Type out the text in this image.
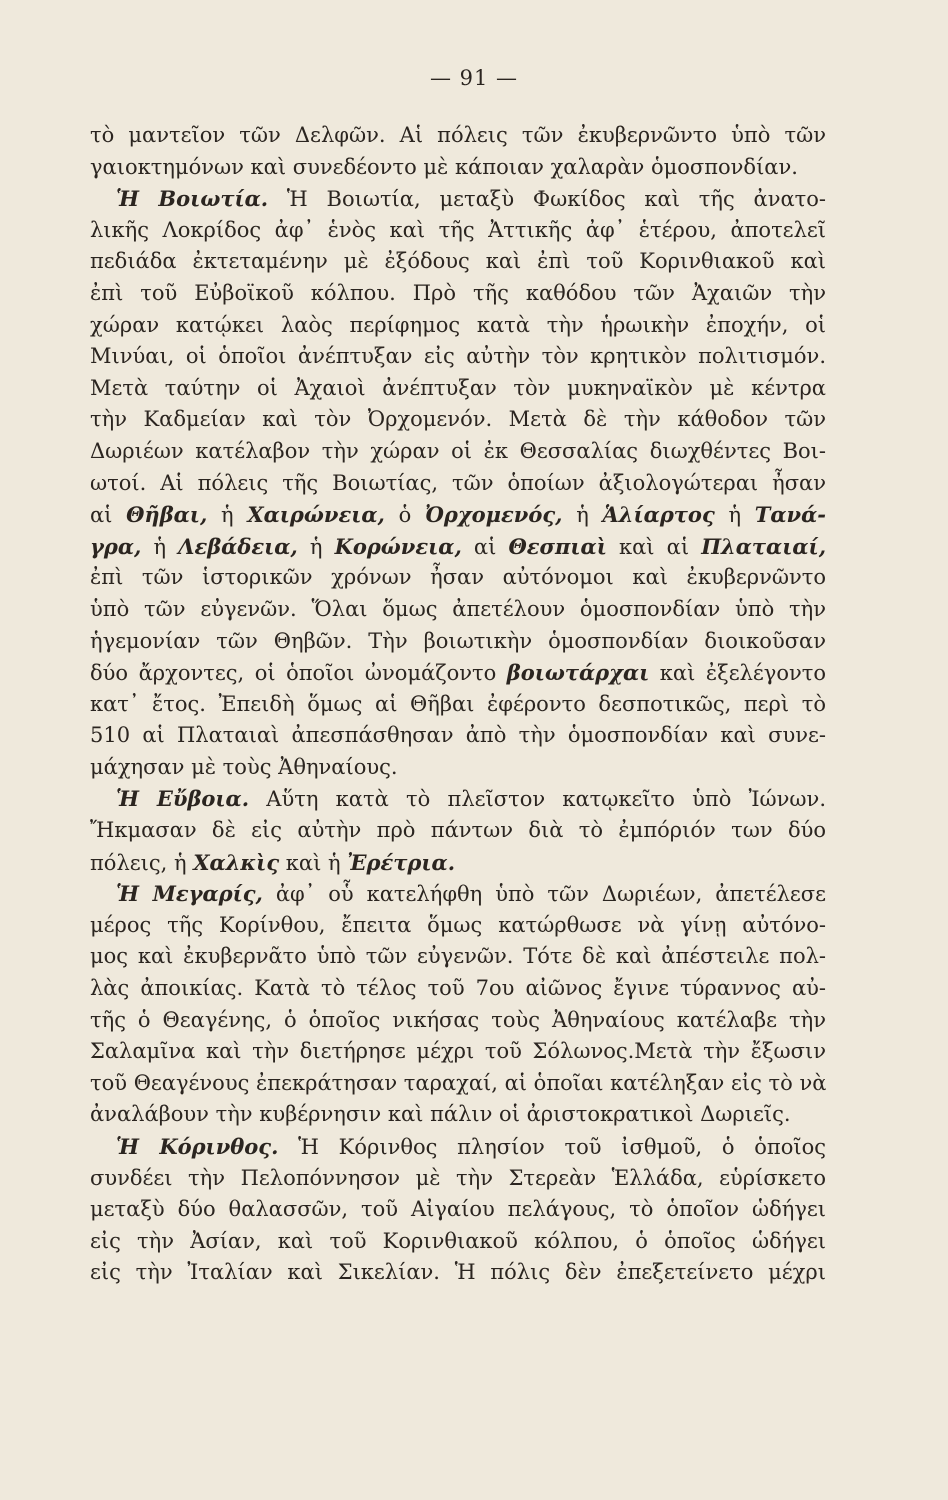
— 91 —
τὸ μαντεῖον τῶν Δελφῶν. Αἱ πόλεις τῶν ἐκυβερνῶντο ὑπὸ τῶν
γαιοκτημόνων καὶ συνεδέοντο μὲ κάποιαν χαλαρὰν ὁμοσπονδίαν.
Ἡ Βοιωτία. Ἡ Βοιωτία, μεταξὺ Φωκίδος καὶ τῆς ἀνατο-
λικῆς Λοκρίδος ἀφ᾿ ἑνὸς καὶ τῆς Ἀττικῆς ἀφ᾿ ἑτέρου, ἀποτελεῖ
πεδιάδα ἐκτεταμένην μὲ ἐξόδους καὶ ἐπὶ τοῦ Κορινθιακοῦ καὶ
ἐπὶ τοῦ Εὐβοϊκοῦ κόλπου. Πρὸ τῆς καθόδου τῶν Ἀχαιῶν τὴν
χώραν κατῴκει λαὸς περίφημος κατὰ τὴν ἡρωικὴν ἐποχήν, οἱ
Μινύαι, οἱ ὁποῖοι ἀνέπτυξαν εἰς αὐτὴν τὸν κρητικὸν πολιτισμόν.
Μετὰ ταύτην οἱ Ἀχαιοὶ ἀνέπτυξαν τὸν μυκηναϊκὸν μὲ κέντρα
τὴν Καδμείαν καὶ τὸν Ὀρχομενόν. Μετὰ δὲ τὴν κάθοδον τῶν
Δωριέων κατέλαβον τὴν χώραν οἱ ἐκ Θεσσαλίας διωχθέντες Βοι-
ωτοί. Αἱ πόλεις τῆς Βοιωτίας, τῶν ὁποίων ἀξιολογώτεραι ἦσαν
αἱ Θῆβαι, ἡ Χαιρώνεια, ὁ Ὀρχομενός, ἡ Ἁλίαρτος ἡ Τανά-
γρα, ἡ Λεβάδεια, ἡ Κορώνεια, αἱ Θεσπιαὶ καὶ αἱ Πλαταιαί,
ἐπὶ τῶν ἱστορικῶν χρόνων ἦσαν αὐτόνομοι καὶ ἐκυβερνῶντο
ὑπὸ τῶν εὐγενῶν. Ὅλαι ὅμως ἀπετέλουν ὁμοσπονδίαν ὑπὸ τὴν
ἡγεμονίαν τῶν Θηβῶν. Τὴν βοιωτικὴν ὁμοσπονδίαν διοικοῦσαν
δύο ἄρχοντες, οἱ ὁποῖοι ὠνομάζοντο βοιωτάρχαι καὶ ἐξελέγοντο
κατ᾿ ἔτος. Ἐπειδὴ ὅμως αἱ Θῆβαι ἐφέροντο δεσποτικῶς, περὶ τὸ
510 αἱ Πλαταιαὶ ἀπεσπάσθησαν ἀπὸ τὴν ὁμοσπονδίαν καὶ συνε-
μάχησαν μὲ τοὺς Ἀθηναίους.
Ἡ Εὔβοια. Αὕτη κατὰ τὸ πλεῖστον κατῳκεῖτο ὑπὸ Ἰώνων.
Ἤκμασαν δὲ εἰς αὐτὴν πρὸ πάντων διὰ τὸ ἐμπόριόν των δύο
πόλεις, ἡ Χαλκὶς καὶ ἡ Ἐρέτρια.
Ἡ Μεγαρίς, ἀφ᾿ οὗ κατελήφθη ὑπὸ τῶν Δωριέων, ἀπετέλεσε
μέρος τῆς Κορίνθου, ἔπειτα ὅμως κατώρθωσε νὰ γίνῃ αὐτόνο-
μος καὶ ἐκυβερνᾶτο ὑπὸ τῶν εὐγενῶν. Τότε δὲ καὶ ἀπέστειλε πολ-
λὰς ἀποικίας. Κατὰ τὸ τέλος τοῦ 7ου αἰῶνος ἔγινε τύραννος αὐ-
τῆς ὁ Θεαγένης, ὁ ὁποῖος νικήσας τοὺς Ἀθηναίους κατέλαβε τὴν
Σαλαμῖνα καὶ τὴν διετήρησε μέχρι τοῦ Σόλωνος.Μετὰ τὴν ἔξωσιν
τοῦ Θεαγένους ἐπεκράτησαν ταραχαί, αἱ ὁποῖαι κατέληξαν εἰς τὸ νὰ
ἀναλάβουν τὴν κυβέρνησιν καὶ πάλιν οἱ ἀριστοκρατικοὶ Δωριεῖς.
Ἡ Κόρινθος. Ἡ Κόρινθος πλησίον τοῦ ἰσθμοῦ, ὁ ὁποῖος
συνδέει τὴν Πελοπόννησον μὲ τὴν Στερεὰν Ἑλλάδα, εὑρίσκετο
μεταξὺ δύο θαλασσῶν, τοῦ Αἰγαίου πελάγους, τὸ ὁποῖον ὡδήγει
εἰς τὴν Ἀσίαν, καὶ τοῦ Κορινθιακοῦ κόλπου, ὁ ὁποῖος ὡδήγει
εἰς τὴν Ἰταλίαν καὶ Σικελίαν. Ἡ πόλις δὲν ἐπεξετείνετο μέχρι
